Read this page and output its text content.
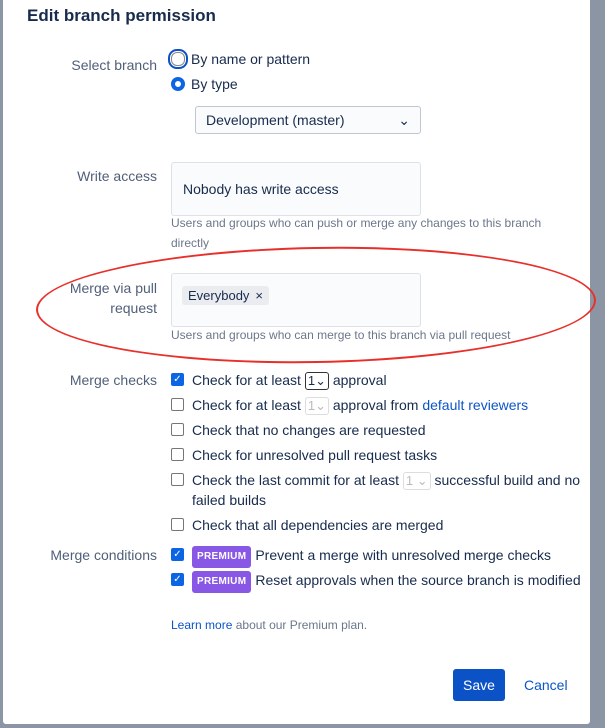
Edit branch permission
Select branch By name or pattern
By type
Development (master)	⌄
Write access
Nobody has write access
Users and groups who can push or merge any changes to this branch directly
Merge via pull request
Everybody ×
Users and groups who can merge to this branch via pull request
Merge checks ✓ Check for at least 1⌄ approval
Check for at least 1⌄ approval from default reviewers
Check that no changes are requested
Check for unresolved pull request tasks
Check the last commit for at least 1 ⌄ successful build and no failed builds
Check that all dependencies are merged
Merge conditions ✓	PREMIUM Prevent a merge with unresolved merge checks
✓	PREMIUM Reset approvals when the source branch is modified
Learn more about our Premium plan.
Save	Cancel
